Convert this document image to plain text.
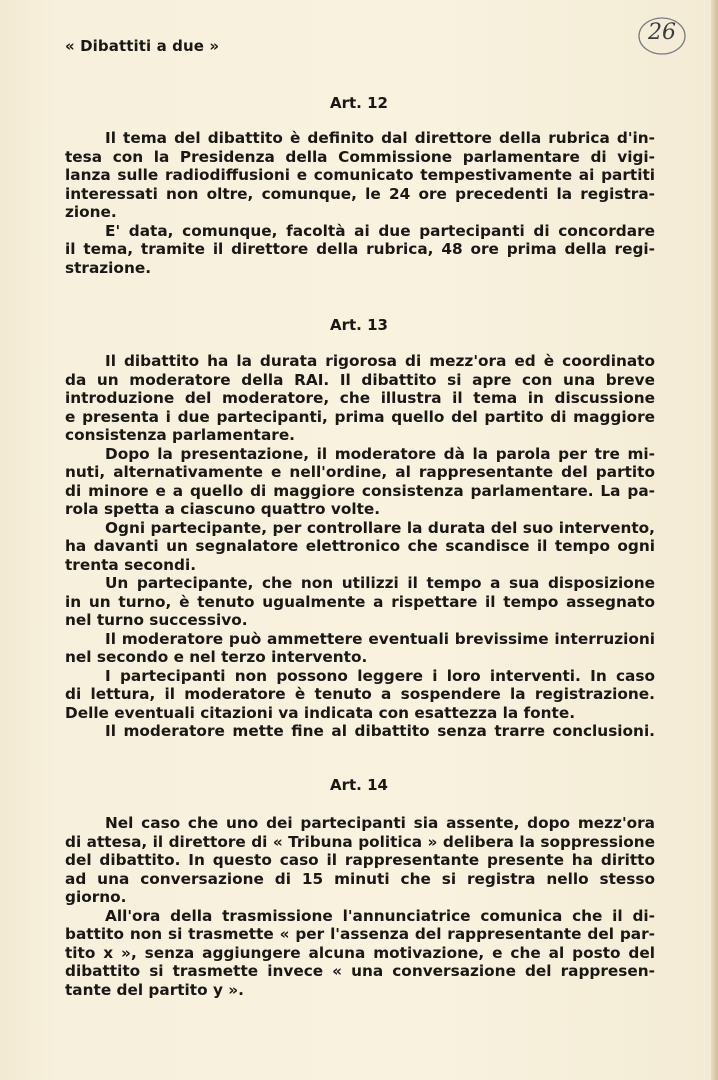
« Dibattiti a due »
26
Art. 12
Il tema del dibattito è definito dal direttore della rubrica d'in-
tesa con la Presidenza della Commissione parlamentare di vigi-
lanza sulle radiodiffusioni e comunicato tempestivamente ai partiti
interessati non oltre, comunque, le 24 ore precedenti la registra-
zione.
E' data, comunque, facoltà ai due partecipanti di concordare
il tema, tramite il direttore della rubrica, 48 ore prima della regi-
strazione.
Art. 13
Il dibattito ha la durata rigorosa di mezz'ora ed è coordinato
da un moderatore della RAI. Il dibattito si apre con una breve
introduzione del moderatore, che illustra il tema in discussione
e presenta i due partecipanti, prima quello del partito di maggiore
consistenza parlamentare.
Dopo la presentazione, il moderatore dà la parola per tre mi-
nuti, alternativamente e nell'ordine, al rappresentante del partito
di minore e a quello di maggiore consistenza parlamentare. La pa-
rola spetta a ciascuno quattro volte.
Ogni partecipante, per controllare la durata del suo intervento,
ha davanti un segnalatore elettronico che scandisce il tempo ogni
trenta secondi.
Un partecipante, che non utilizzi il tempo a sua disposizione
in un turno, è tenuto ugualmente a rispettare il tempo assegnato
nel turno successivo.
Il moderatore può ammettere eventuali brevissime interruzioni
nel secondo e nel terzo intervento.
I partecipanti non possono leggere i loro interventi. In caso
di lettura, il moderatore è tenuto a sospendere la registrazione.
Delle eventuali citazioni va indicata con esattezza la fonte.
Il moderatore mette fine al dibattito senza trarre conclusioni.
Art. 14
Nel caso che uno dei partecipanti sia assente, dopo mezz'ora
di attesa, il direttore di « Tribuna politica » delibera la soppressione
del dibattito. In questo caso il rappresentante presente ha diritto
ad una conversazione di 15 minuti che si registra nello stesso
giorno.
All'ora della trasmissione l'annunciatrice comunica che il di-
battito non si trasmette « per l'assenza del rappresentante del par-
tito x », senza aggiungere alcuna motivazione, e che al posto del
dibattito si trasmette invece « una conversazione del rappresen-
tante del partito y ».
